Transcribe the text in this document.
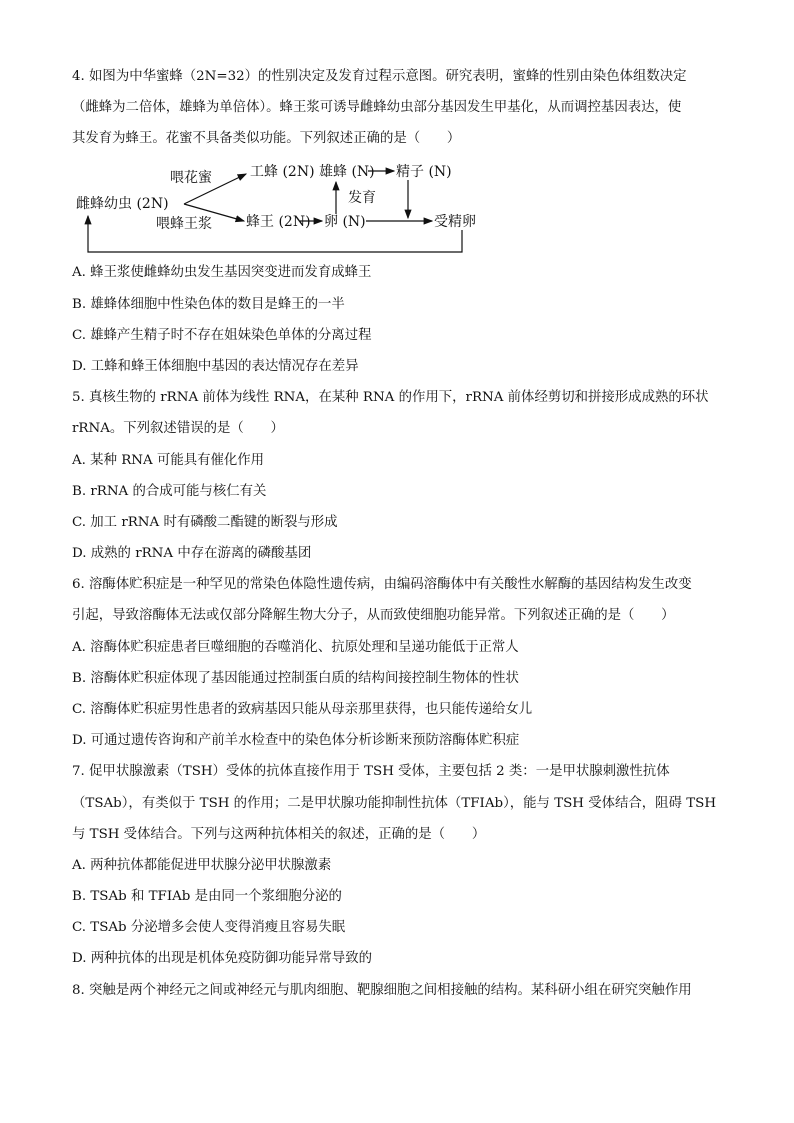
4. 如图为中华蜜蜂（2N=32）的性别决定及发育过程示意图。研究表明，蜜蜂的性别由染色体组数决定
（雌蜂为二倍体，雄蜂为单倍体）。蜂王浆可诱导雌蜂幼虫部分基因发生甲基化，从而调控基因表达，使
其发育为蜂王。花蜜不具备类似功能。下列叙述正确的是（　　）
雌蜂幼虫 (2N)
喂花蜜
喂蜂王浆
工蜂 (2N) 雄蜂 (N) 精子 (N)
发育
蜂王 (2N) 卵 (N)	受精卵
A. 蜂王浆使雌蜂幼虫发生基因突变进而发育成蜂王
B. 雄蜂体细胞中性染色体的数目是蜂王的一半
C. 雄蜂产生精子时不存在姐妹染色单体的分离过程
D. 工蜂和蜂王体细胞中基因的表达情况存在差异
5. 真核生物的 rRNA 前体为线性 RNA，在某种 RNA 的作用下，rRNA 前体经剪切和拼接形成成熟的环状
rRNA。下列叙述错误的是（　　）
A. 某种 RNA 可能具有催化作用
B. rRNA 的合成可能与核仁有关
C. 加工 rRNA 时有磷酸二酯键的断裂与形成
D. 成熟的 rRNA 中存在游离的磷酸基团
6. 溶酶体贮积症是一种罕见的常染色体隐性遗传病，由编码溶酶体中有关酸性水解酶的基因结构发生改变
引起，导致溶酶体无法或仅部分降解生物大分子，从而致使细胞功能异常。下列叙述正确的是（　　）
A. 溶酶体贮积症患者巨噬细胞的吞噬消化、抗原处理和呈递功能低于正常人
B. 溶酶体贮积症体现了基因能通过控制蛋白质的结构间接控制生物体的性状
C. 溶酶体贮积症男性患者的致病基因只能从母亲那里获得，也只能传递给女儿
D. 可通过遗传咨询和产前羊水检查中的染色体分析诊断来预防溶酶体贮积症
7. 促甲状腺激素（TSH）受体的抗体直接作用于 TSH 受体，主要包括 2 类：一是甲状腺刺激性抗体
（TSAb），有类似于 TSH 的作用；二是甲状腺功能抑制性抗体（TFIAb），能与 TSH 受体结合，阻碍 TSH
与 TSH 受体结合。下列与这两种抗体相关的叙述，正确的是（　　）
A. 两种抗体都能促进甲状腺分泌甲状腺激素
B. TSAb 和 TFIAb 是由同一个浆细胞分泌的
C. TSAb 分泌增多会使人变得消瘦且容易失眠
D. 两种抗体的出现是机体免疫防御功能异常导致的
8. 突触是两个神经元之间或神经元与肌肉细胞、靶腺细胞之间相接触的结构。某科研小组在研究突触作用
